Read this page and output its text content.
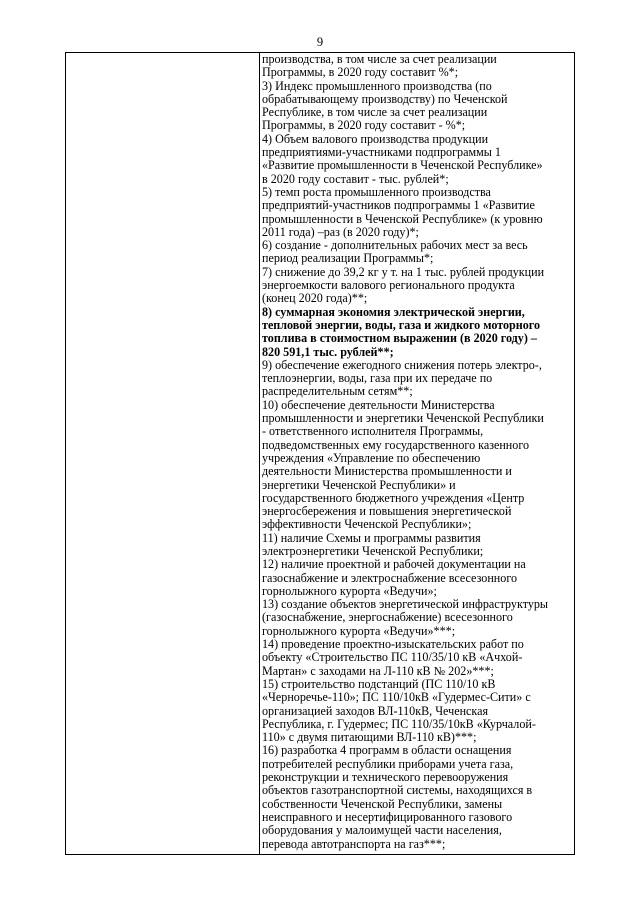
9
производства, в том числе за счет реализации
Программы, в 2020 году составит %*;
3) Индекс промышленного производства (по
обрабатывающему производству) по Чеченской
Республике, в том числе за счет реализации
Программы, в 2020 году составит - %*;
4) Объем валового производства продукции
предприятиями-участниками подпрограммы 1
«Развитие промышленности в Чеченской Республике»
в 2020 году составит - тыс. рублей*;
5) темп роста промышленного производства
предприятий-участников подпрограммы 1 «Развитие
промышленности в Чеченской Республике» (к уровню
2011 года) –раз (в 2020 году)*;
6) создание - дополнительных рабочих мест за весь
период реализации Программы*;
7) снижение до 39,2 кг у т. на 1 тыс. рублей продукции
энергоемкости валового регионального продукта
(конец 2020 года)**;
8) суммарная экономия электрической энергии,
тепловой энергии, воды, газа и жидкого моторного
топлива в стоимостном выражении (в 2020 году) –
820 591,1 тыс. рублей**;
9) обеспечение ежегодного снижения потерь электро-,
теплоэнергии, воды, газа при их передаче по
распределительным сетям**;
10) обеспечение деятельности Министерства
промышленности и энергетики Чеченской Республики
- ответственного исполнителя Программы,
подведомственных ему государственного казенного
учреждения «Управление по обеспечению
деятельности Министерства промышленности и
энергетики Чеченской Республики» и
государственного бюджетного учреждения «Центр
энергосбережения и повышения энергетической
эффективности Чеченской Республики»;
11) наличие Схемы и программы развития
электроэнергетики Чеченской Республики;
12) наличие проектной и рабочей документации на
газоснабжение и электроснабжение всесезонного
горнолыжного курорта «Ведучи»;
13) создание объектов энергетической инфраструктуры
(газоснабжение, энергоснабжение) всесезонного
горнолыжного курорта «Ведучи»***;
14) проведение проектно-изыскательских работ по
объекту «Строительство ПС 110/35/10 кВ «Ачхой-
Мартан» с заходами на Л-110 кВ № 202»***;
15) строительство подстанций (ПС 110/10 кВ
«Черноречье-110»; ПС 110/10кВ «Гудермес-Сити» с
организацией заходов ВЛ-110кВ, Чеченская
Республика, г. Гудермес; ПС 110/35/10кВ «Курчалой-
110» с двумя питающими ВЛ-110 кВ)***;
16) разработка 4 программ в области оснащения
потребителей республики приборами учета газа,
реконструкции и технического перевооружения
объектов газотранспортной системы, находящихся в
собственности Чеченской Республики, замены
неисправного и несертифицированного газового
оборудования у малоимущей части населения,
перевода автотранспорта на газ***;
